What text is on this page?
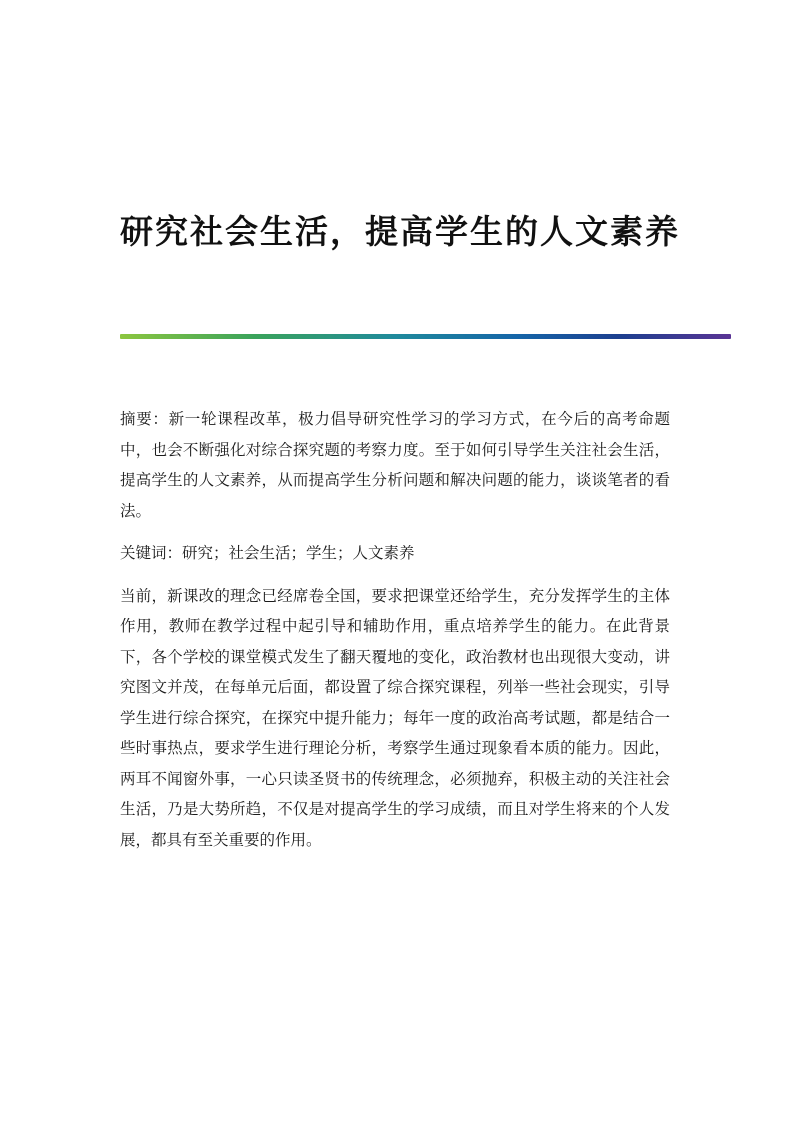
研究社会生活，提高学生的人文素养

摘要：新一轮课程改革，极力倡导研究性学习的学习方式，在今后的高考命题中，也会不断强化对综合探究题的考察力度。至于如何引导学生关注社会生活，提高学生的人文素养，从而提高学生分析问题和解决问题的能力，谈谈笔者的看法。

关键词：研究；社会生活；学生；人文素养

当前，新课改的理念已经席卷全国，要求把课堂还给学生，充分发挥学生的主体作用，教师在教学过程中起引导和辅助作用，重点培养学生的能力。在此背景下，各个学校的课堂模式发生了翻天覆地的变化，政治教材也出现很大变动，讲究图文并茂，在每单元后面，都设置了综合探究课程，列举一些社会现实，引导学生进行综合探究，在探究中提升能力；每年一度的政治高考试题，都是结合一些时事热点，要求学生进行理论分析，考察学生通过现象看本质的能力。因此，两耳不闻窗外事，一心只读圣贤书的传统理念，必须抛弃，积极主动的关注社会生活，乃是大势所趋，不仅是对提高学生的学习成绩，而且对学生将来的个人发展，都具有至关重要的作用。
